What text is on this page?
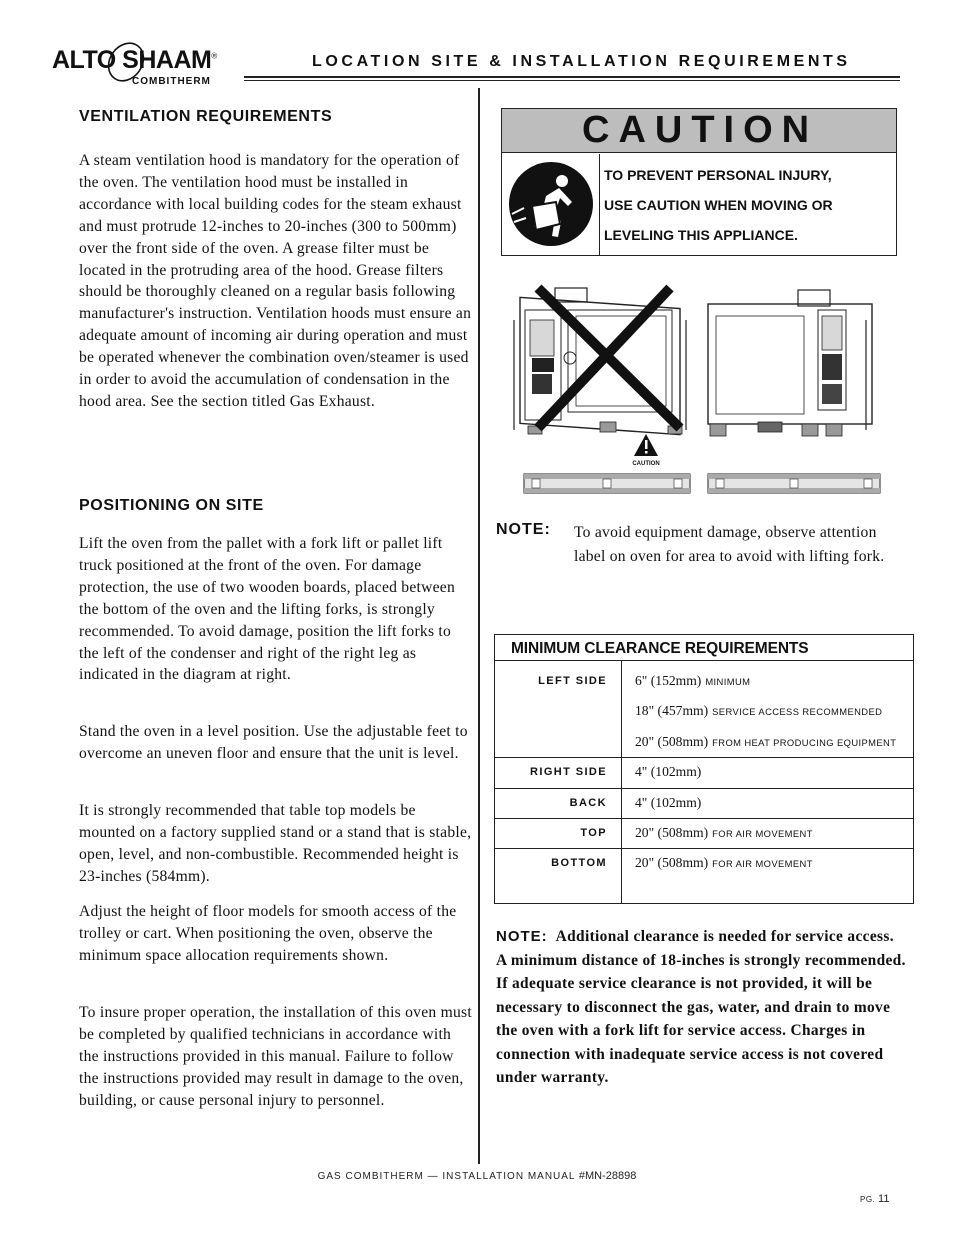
ALTO SHAAM®
COMBITHERM
LOCATION SITE & INSTALLATION REQUIREMENTS
VENTILATION REQUIREMENTS
A steam ventilation hood is mandatory for the operation of the oven. The ventilation hood must be installed in accordance with local building codes for the steam exhaust and must protrude 12-inches to 20-inches (300 to 500mm) over the front side of the oven. A grease filter must be located in the protruding area of the hood. Grease filters should be thoroughly cleaned on a regular basis following manufacturer's instruction. Ventilation hoods must ensure an adequate amount of incoming air during operation and must be operated whenever the combination oven/steamer is used in order to avoid the accumulation of condensation in the hood area. See the section titled Gas Exhaust.
POSITIONING ON SITE
Lift the oven from the pallet with a fork lift or pallet lift truck positioned at the front of the oven. For damage protection, the use of two wooden boards, placed between the bottom of the oven and the lifting forks, is strongly recommended. To avoid damage, position the lift forks to the left of the condenser and right of the right leg as indicated in the diagram at right.
Stand the oven in a level position. Use the adjustable feet to overcome an uneven floor and ensure that the unit is level.
It is strongly recommended that table top models be mounted on a factory supplied stand or a stand that is stable, open, level, and non-combustible. Recommended height is 23-inches (584mm).
Adjust the height of floor models for smooth access of the trolley or cart. When positioning the oven, observe the minimum space allocation requirements shown.
To insure proper operation, the installation of this oven must be completed by qualified technicians in accordance with the instructions provided in this manual. Failure to follow the instructions provided may result in damage to the oven, building, or cause personal injury to personnel.
CAUTION
TO PREVENT PERSONAL INJURY,
USE CAUTION WHEN MOVING OR
LEVELING THIS APPLIANCE.
CAUTION
NOTE: To avoid equipment damage, observe attention label on oven for area to avoid with lifting fork.
MINIMUM CLEARANCE REQUIREMENTS
LEFT SIDE 6" (152mm) MINIMUM
18" (457mm) SERVICE ACCESS RECOMMENDED
20" (508mm) FROM HEAT PRODUCING EQUIPMENT
RIGHT SIDE 4" (102mm)
BACK 4" (102mm)
TOP 20" (508mm) FOR AIR MOVEMENT
BOTTOM 20" (508mm) FOR AIR MOVEMENT
NOTE: Additional clearance is needed for service access. A minimum distance of 18-inches is strongly recommended. If adequate service clearance is not provided, it will be necessary to disconnect the gas, water, and drain to move the oven with a fork lift for service access. Charges in connection with inadequate service access is not covered under warranty.
GAS COMBITHERM — INSTALLATION MANUAL #MN-28898
PG. 11
